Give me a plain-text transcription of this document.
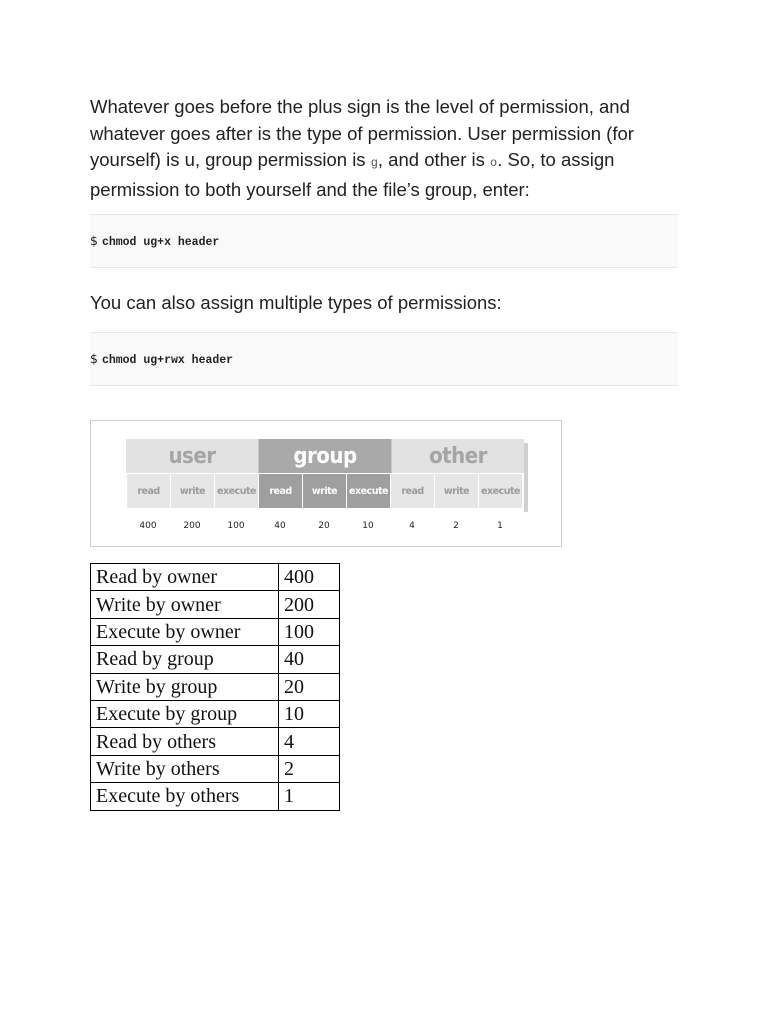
Whatever goes before the plus sign is the level of permission, and whatever goes after is the type of permission. User permission (for yourself) is u, group permission is g, and other is o. So, to assign permission to both yourself and the file’s group, enter:

$ chmod ug+x header

You can also assign multiple types of permissions:

$ chmod ug+rwx header
user	group	other
read	write	execute	read	write	execute	read	write	execute
400	200	100	40	20	10	4	2	1
Read by owner	400
Write by owner	200
Execute by owner	100
Read by group	40
Write by group	20
Execute by group	10
Read by others	4
Write by others	2
Execute by others	1
